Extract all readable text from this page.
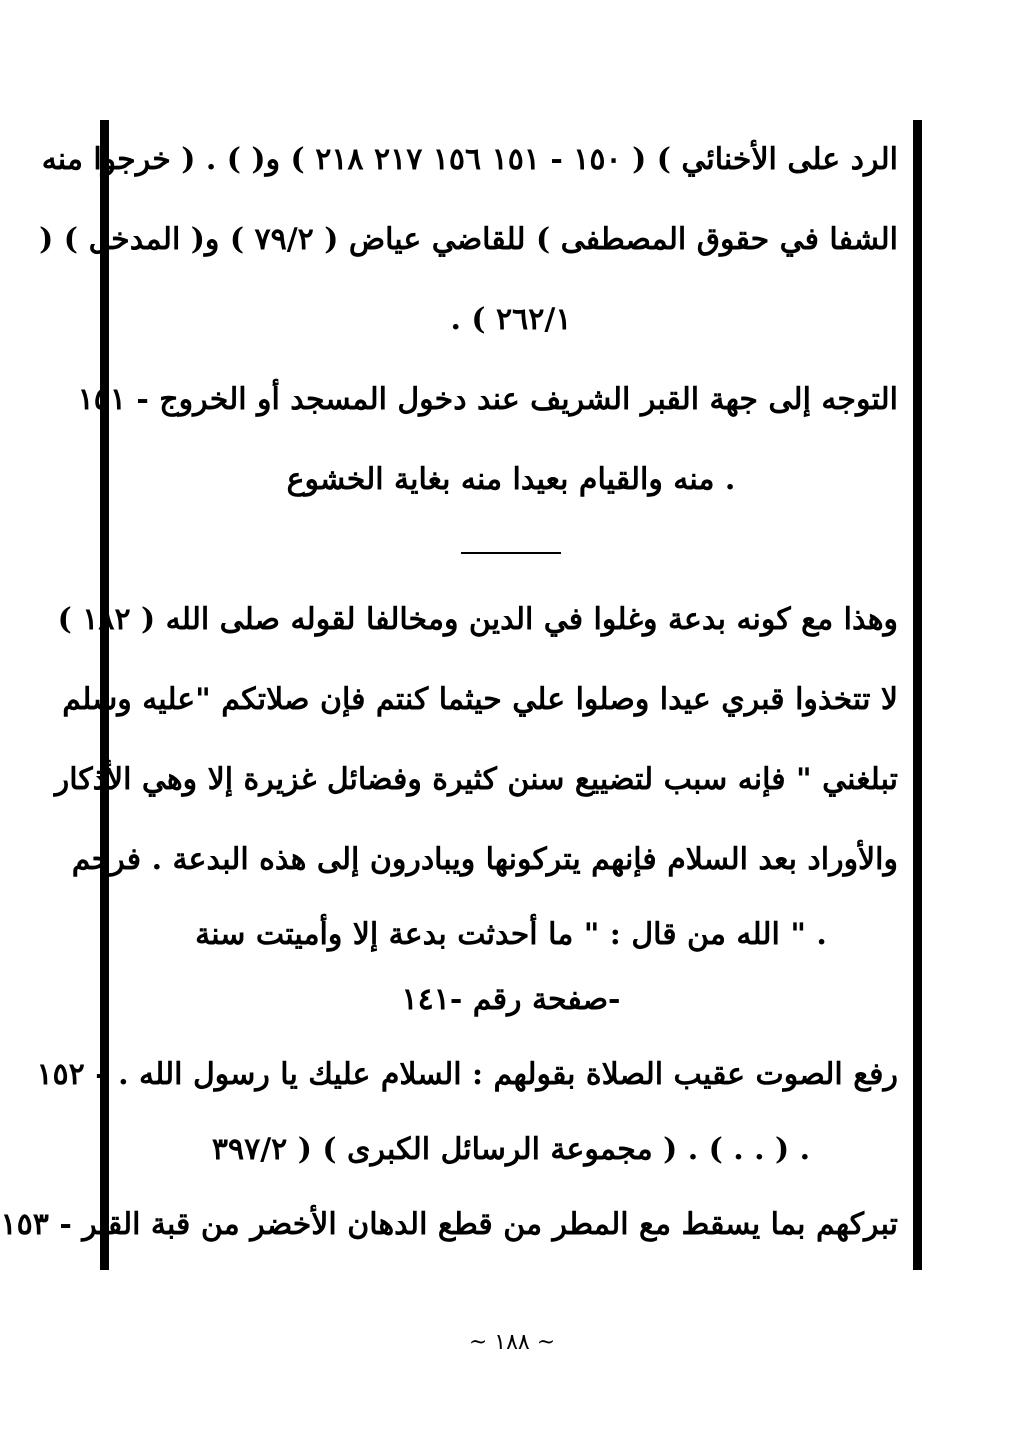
الرد على الأخنائي ) ( ١٥٠ - ١٥١ ١٥٦ ٢١٧ ٢١٨ ) و( ) . ( خرجوا منه
الشفا في حقوق المصطفى ) للقاضي عياض ( ٧٩/٢ ) و( المدخل ) (
٢٦٢/١ ) .
التوجه إلى جهة القبر الشريف عند دخول المسجد أو الخروج - ١٥١
. منه والقيام بعيدا منه بغاية الخشوع
وهذا مع كونه بدعة وغلوا في الدين ومخالفا لقوله صلى الله ( ١٨٢ )
لا تتخذوا قبري عيدا وصلوا علي حيثما كنتم فإن صلاتكم "عليه وسلم
تبلغني " فإنه سبب لتضييع سنن كثيرة وفضائل غزيرة إلا وهي الأذكار
والأوراد بعد السلام فإنهم يتركونها ويبادرون إلى هذه البدعة . فرحم
. " الله من قال : " ما أحدثت بدعة إلا وأميتت سنة
-صفحة رقم -١٤١
رفع الصوت عقيب الصلاة بقولهم : السلام عليك يا رسول الله . - ١٥٢
. ( . . ) . ( مجموعة الرسائل الكبرى ) ( ٣٩٧/٢
تبركهم بما يسقط مع المطر من قطع الدهان الأخضر من قبة القبر - ١٥٣
~ ١٨٨ ~
